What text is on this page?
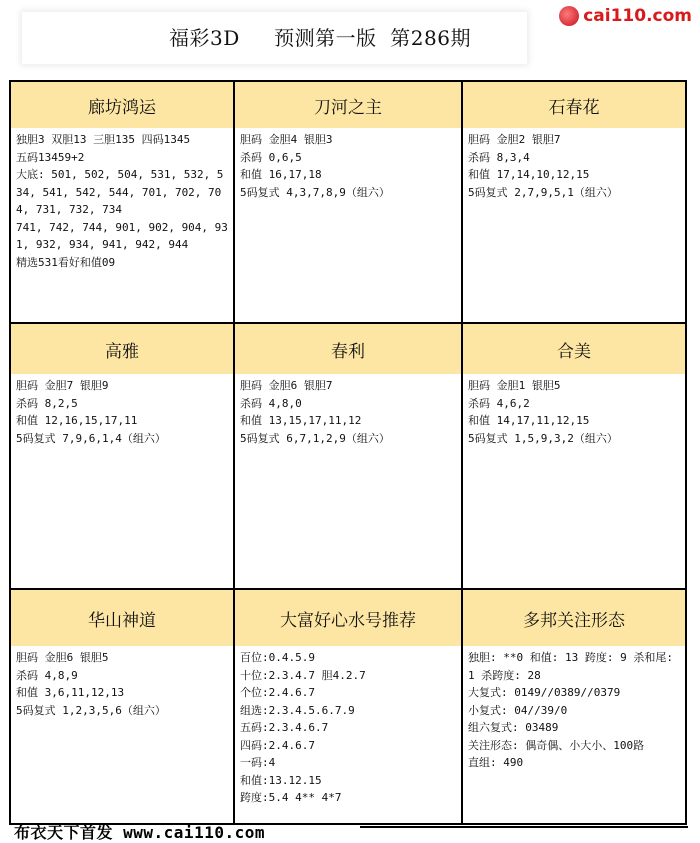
福彩3D     预测第一版  第286期
cai110.com
廊坊鸿运
独胆3 双胆13 三胆135 四码1345
五码13459+2
大底: 501, 502, 504, 531, 532, 534, 541, 542, 544, 701, 702, 704, 731, 732, 734
741, 742, 744, 901, 902, 904, 931, 932, 934, 941, 942, 944
精选531看好和值09
刀河之主
胆码 金胆4 银胆3
杀码 0,6,5
和值 16,17,18
5码复式 4,3,7,8,9（组六）
石春花
胆码 金胆2 银胆7
杀码 8,3,4
和值 17,14,10,12,15
5码复式 2,7,9,5,1（组六）
高雅
胆码 金胆7 银胆9
杀码 8,2,5
和值 12,16,15,17,11
5码复式 7,9,6,1,4（组六）
春利
胆码 金胆6 银胆7
杀码 4,8,0
和值 13,15,17,11,12
5码复式 6,7,1,2,9（组六）
合美
胆码 金胆1 银胆5
杀码 4,6,2
和值 14,17,11,12,15
5码复式 1,5,9,3,2（组六）
华山神道
胆码 金胆6 银胆5
杀码 4,8,9
和值 3,6,11,12,13
5码复式 1,2,3,5,6（组六）
大富好心水号推荐
百位:0.4.5.9
十位:2.3.4.7 胆4.2.7
个位:2.4.6.7
组选:2.3.4.5.6.7.9
五码:2.3.4.6.7
四码:2.4.6.7
一码:4
和值:13.12.15
跨度:5.4 4** 4*7
多邦关注形态
独胆: **0 和值: 13 跨度: 9 杀和尾: 1 杀跨度: 28
大复式: 0149//0389//0379
小复式: 04//39/0
组六复式: 03489
关注形态: 偶奇偶、小大小、100路
直组: 490
布衣天下首发 www.cai110.com
